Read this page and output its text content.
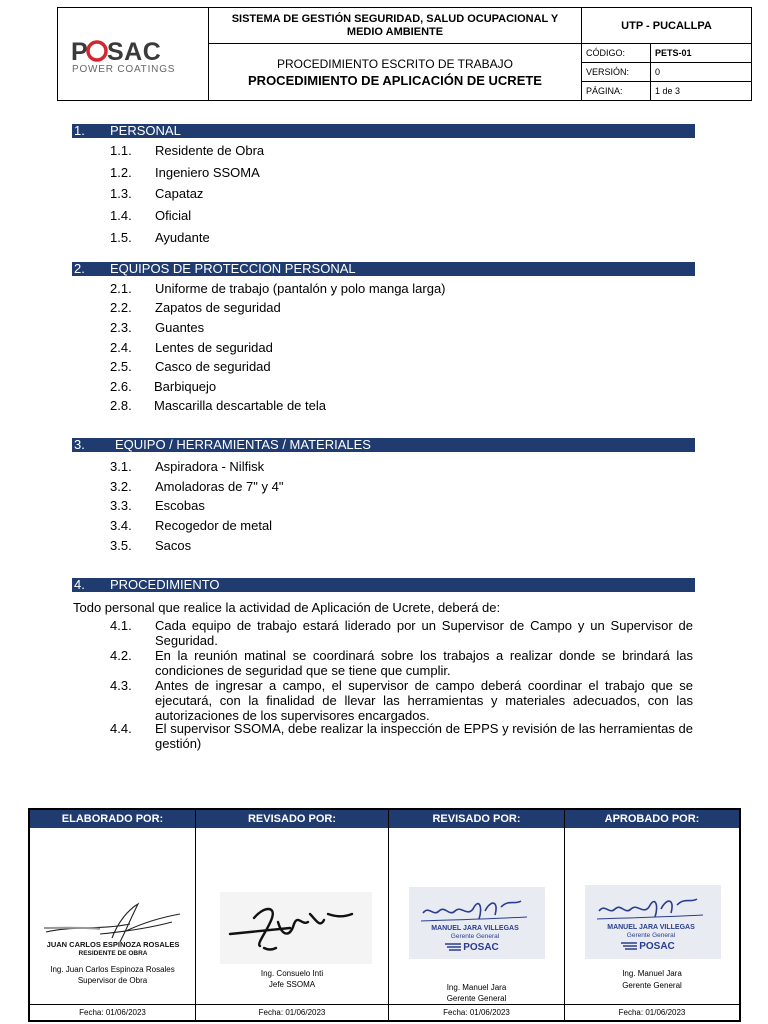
P SAC
POWER COATINGS
SISTEMA DE GESTIÓN SEGURIDAD, SALUD OCUPACIONAL Y MEDIO AMBIENTE	UTP - PUCALLPA
PROCEDIMIENTO ESCRITO DE TRABAJO
PROCEDIMIENTO DE APLICACIÓN DE UCRETE
CÓDIGO:	PETS-01
VERSIÓN:	0
PÁGINA:	1 de 3
1. PERSONAL
1.1. Residente de Obra
1.2. Ingeniero SSOMA
1.3. Capataz
1.4. Oficial
1.5. Ayudante
2. EQUIPOS DE PROTECCION PERSONAL
2.1. Uniforme de trabajo (pantalón y polo manga larga)
2.2. Zapatos de seguridad
2.3. Guantes
2.4. Lentes de seguridad
2.5. Casco de seguridad
2.6. Barbiquejo
2.8. Mascarilla descartable de tela
3. EQUIPO / HERRAMIENTAS / MATERIALES
3.1. Aspiradora - Nilfisk
3.2. Amoladoras de 7" y 4"
3.3. Escobas
3.4. Recogedor de metal
3.5. Sacos
4. PROCEDIMIENTO
Todo personal que realice la actividad de Aplicación de Ucrete, deberá de:
4.1. Cada equipo de trabajo estará liderado por un Supervisor de Campo y un Supervisor de Seguridad.
4.2. En la reunión matinal se coordinará sobre los trabajos a realizar donde se brindará las condiciones de seguridad que se tiene que cumplir.
4.3. Antes de ingresar a campo, el supervisor de campo deberá coordinar el trabajo que se ejecutará, con la finalidad de llevar las herramientas y materiales adecuados, con las autorizaciones de los supervisores encargados.
4.4. El supervisor SSOMA, debe realizar la inspección de EPPS y revisión de las herramientas de gestión)
ELABORADO POR:
JUAN CARLOS ESPINOZA ROSALES
RESIDENTE DE OBRA
Ing. Juan Carlos Espinoza Rosales
Supervisor de Obra
Fecha: 01/06/2023
REVISADO POR:
Ing. Consuelo Inti
Jefe SSOMA
Fecha: 01/06/2023
REVISADO POR:
MANUEL JARA VILLEGAS
Gerente General
POSAC
Ing. Manuel Jara
Gerente General
Fecha: 01/06/2023
APROBADO POR:
MANUEL JARA VILLEGAS
Gerente General
POSAC
Ing. Manuel Jara
Gerente General
Fecha: 01/06/2023
